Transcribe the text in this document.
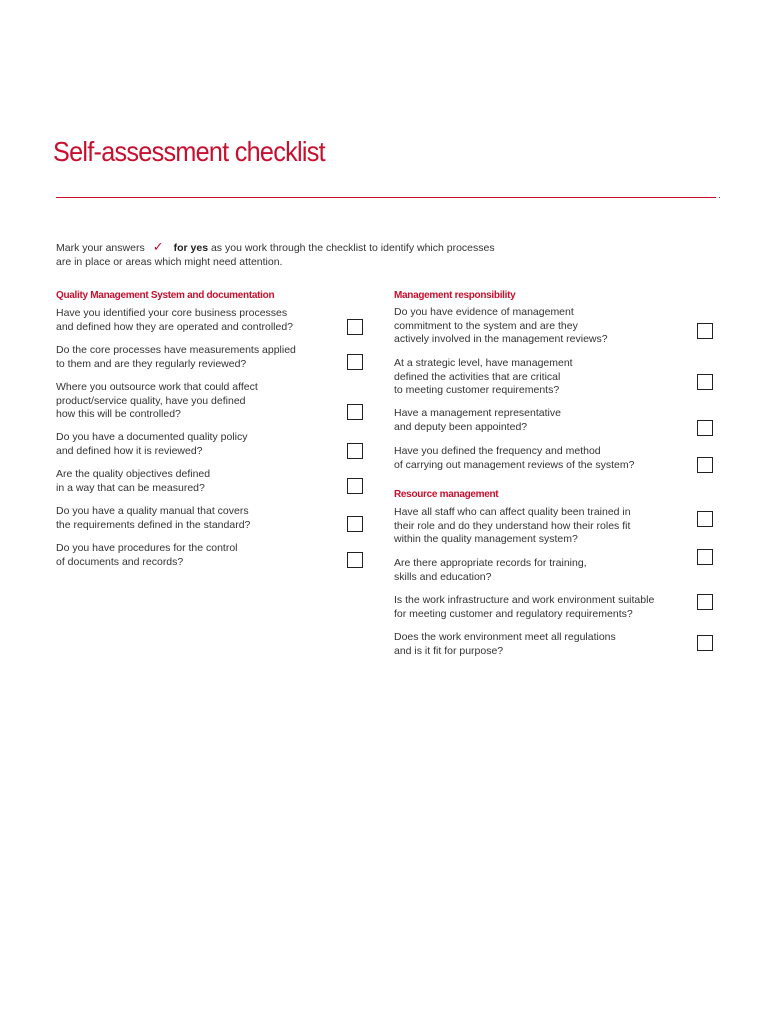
Self-assessment checklist
Mark your answers ✓ for yes as you work through the checklist to identify which processes
are in place or areas which might need attention.
Quality Management System and documentation
Have you identified your core business processes
and defined how they are operated and controlled?
Do the core processes have measurements applied
to them and are they regularly reviewed?
Where you outsource work that could affect
product/service quality, have you defined
how this will be controlled?
Do you have a documented quality policy
and defined how it is reviewed?
Are the quality objectives defined
in a way that can be measured?
Do you have a quality manual that covers
the requirements defined in the standard?
Do you have procedures for the control
of documents and records?
Management responsibility
Do you have evidence of management
commitment to the system and are they
actively involved in the management reviews?
At a strategic level, have management
defined the activities that are critical
to meeting customer requirements?
Have a management representative
and deputy been appointed?
Have you defined the frequency and method
of carrying out management reviews of the system?
Resource management
Have all staff who can affect quality been trained in
their role and do they understand how their roles fit
within the quality management system?
Are there appropriate records for training,
skills and education?
Is the work infrastructure and work environment suitable
for meeting customer and regulatory requirements?
Does the work environment meet all regulations
and is it fit for purpose?
